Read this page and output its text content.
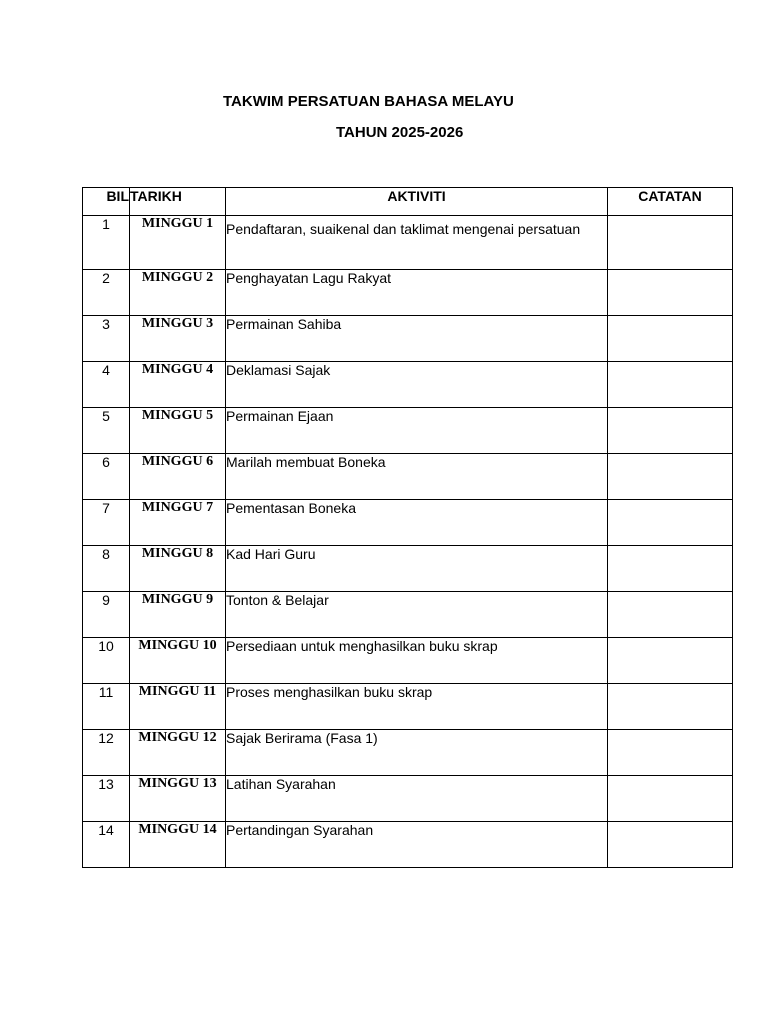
TAKWIM PERSATUAN BAHASA MELAYU
TAHUN 2025-2026
BIL	TARIKH	AKTIVITI	CATATAN
1	MINGGU 1	Pendaftaran, suaikenal dan taklimat mengenai persatuan	
2	MINGGU 2	Penghayatan Lagu Rakyat	
3	MINGGU 3	Permainan Sahiba	
4	MINGGU 4	Deklamasi Sajak	
5	MINGGU 5	Permainan Ejaan	
6	MINGGU 6	Marilah membuat Boneka	
7	MINGGU 7	Pementasan Boneka	
8	MINGGU 8	Kad Hari Guru	
9	MINGGU 9	Tonton & Belajar	
10	MINGGU 10	Persediaan untuk menghasilkan buku skrap	
11	MINGGU 11	Proses menghasilkan buku skrap	
12	MINGGU 12	Sajak Berirama (Fasa 1)	
13	MINGGU 13	Latihan Syarahan	
14	MINGGU 14	Pertandingan Syarahan	
